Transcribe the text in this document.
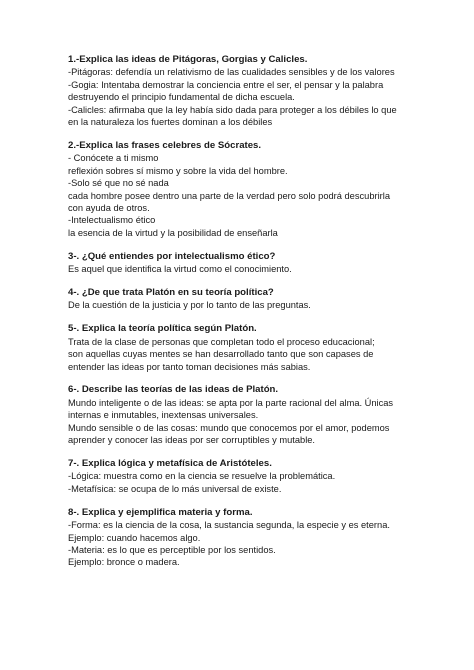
1.-Explica las ideas de Pitágoras, Gorgias y Calicles.

-Pitágoras: defendía un relativismo de las cualidades sensibles y de los valores

-Gogia: Intentaba demostrar la conciencia entre el ser, el pensar y la palabra

destruyendo el principio fundamental de dicha escuela.

-Calicles: afirmaba que la ley había sido dada para proteger a los débiles lo que

en la naturaleza los fuertes dominan a los débiles

2.-Explica las frases celebres de Sócrates.

- Conócete a ti mismo

reflexión sobres sí mismo y sobre la vida del hombre.

-Solo sé que no sé nada

cada hombre posee dentro una parte de la verdad pero solo podrá descubrirla

con ayuda de otros.

-Intelectualismo ético

la esencia de la virtud y la posibilidad de enseñarla

3-. ¿Qué entiendes por intelectualismo ético?

Es aquel que identifica la virtud como el conocimiento.

4-. ¿De que trata Platón en su teoría política?

De la cuestión de la justicia y por lo tanto de las preguntas.

5-. Explica la teoría política según Platón.

Trata de la clase de personas que completan todo el proceso educacional;

son aquellas cuyas mentes se han desarrollado tanto que son capases de

entender las ideas por tanto toman decisiones más sabias.

6-. Describe las teorías de las ideas de Platón.

Mundo inteligente o de las ideas: se apta por la parte racional del alma. Únicas

internas e inmutables, inextensas universales.

Mundo sensible o de las cosas: mundo que conocemos por el amor, podemos

aprender y conocer las ideas por ser corruptibles y mutable.

7-. Explica lógica y metafísica de Aristóteles.

-Lógica: muestra como en la ciencia se resuelve la problemática.

-Metafísica: se ocupa de lo más universal de existe.

8-. Explica y ejemplifica materia y forma.

-Forma: es la ciencia de la cosa, la sustancia segunda, la especie y es eterna.

Ejemplo: cuando hacemos algo.

-Materia: es lo que es perceptible por los sentidos.

Ejemplo: bronce o madera.
